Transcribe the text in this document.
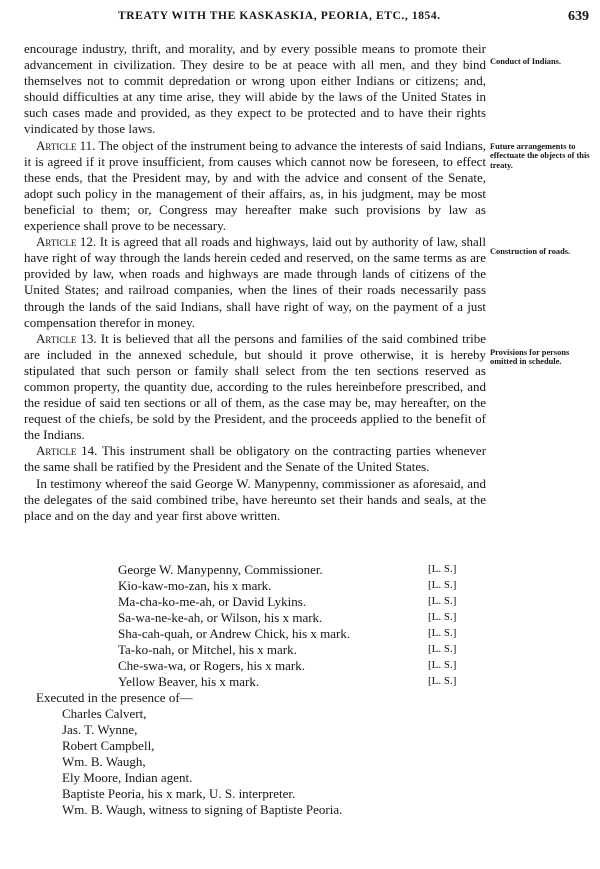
TREATY WITH THE KASKASKIA, PEORIA, ETC., 1854.	639

encourage industry, thrift, and morality, and by every possible means to promote their advancement in civilization. They desire to be at peace with all men, and they bind themselves not to commit depredation or wrong upon either Indians or citizens; and, should difficulties at any time arise, they will abide by the laws of the United States in such cases made and provided, as they expect to be protected and to have their rights vindicated by those laws.

Article 11. The object of the instrument being to advance the interests of said Indians, it is agreed if it prove insufficient, from causes which cannot now be foreseen, to effect these ends, that the President may, by and with the advice and consent of the Senate, adopt such policy in the management of their affairs, as, in his judgment, may be most beneficial to them; or, Congress may hereafter make such provisions by law as experience shall prove to be necessary.

Article 12. It is agreed that all roads and highways, laid out by authority of law, shall have right of way through the lands herein ceded and reserved, on the same terms as are provided by law, when roads and highways are made through lands of citizens of the United States; and railroad companies, when the lines of their roads necessarily pass through the lands of the said Indians, shall have right of way, on the payment of a just compensation therefor in money.

Article 13. It is believed that all the persons and families of the said combined tribe are included in the annexed schedule, but should it prove otherwise, it is hereby stipulated that such person or family shall select from the ten sections reserved as common property, the quantity due, according to the rules hereinbefore prescribed, and the residue of said ten sections or all of them, as the case may be, may hereafter, on the request of the chiefs, be sold by the President, and the proceeds applied to the benefit of the Indians.

Article 14. This instrument shall be obligatory on the contracting parties whenever the same shall be ratified by the President and the Senate of the United States.

In testimony whereof the said George W. Manypenny, commissioner as aforesaid, and the delegates of the said combined tribe, have hereunto set their hands and seals, at the place and on the day and year first above written.

Conduct of Indians.
Future arrangements to effectuate the objects of this treaty.
Construction of roads.
Provisions for persons omitted in schedule.
George W. Manypenny, Commissioner.
Kio-kaw-mo-zan, his x mark.
Ma-cha-ko-me-ah, or David Lykins.
Sa-wa-ne-ke-ah, or Wilson, his x mark.
Sha-cah-quah, or Andrew Chick, his x mark.
Ta-ko-nah, or Mitchel, his x mark.
Che-swa-wa, or Rogers, his x mark.
Yellow Beaver, his x mark.
[L. S.]
[L. S.]
[L. S.]
[L. S.]
[L. S.]
[L. S.]
[L. S.]
[L. S.]
Executed in the presence of—
Charles Calvert,
Jas. T. Wynne,
Robert Campbell,
Wm. B. Waugh,
Ely Moore, Indian agent.
Baptiste Peoria, his x mark, U. S. interpreter.
Wm. B. Waugh, witness to signing of Baptiste Peoria.
